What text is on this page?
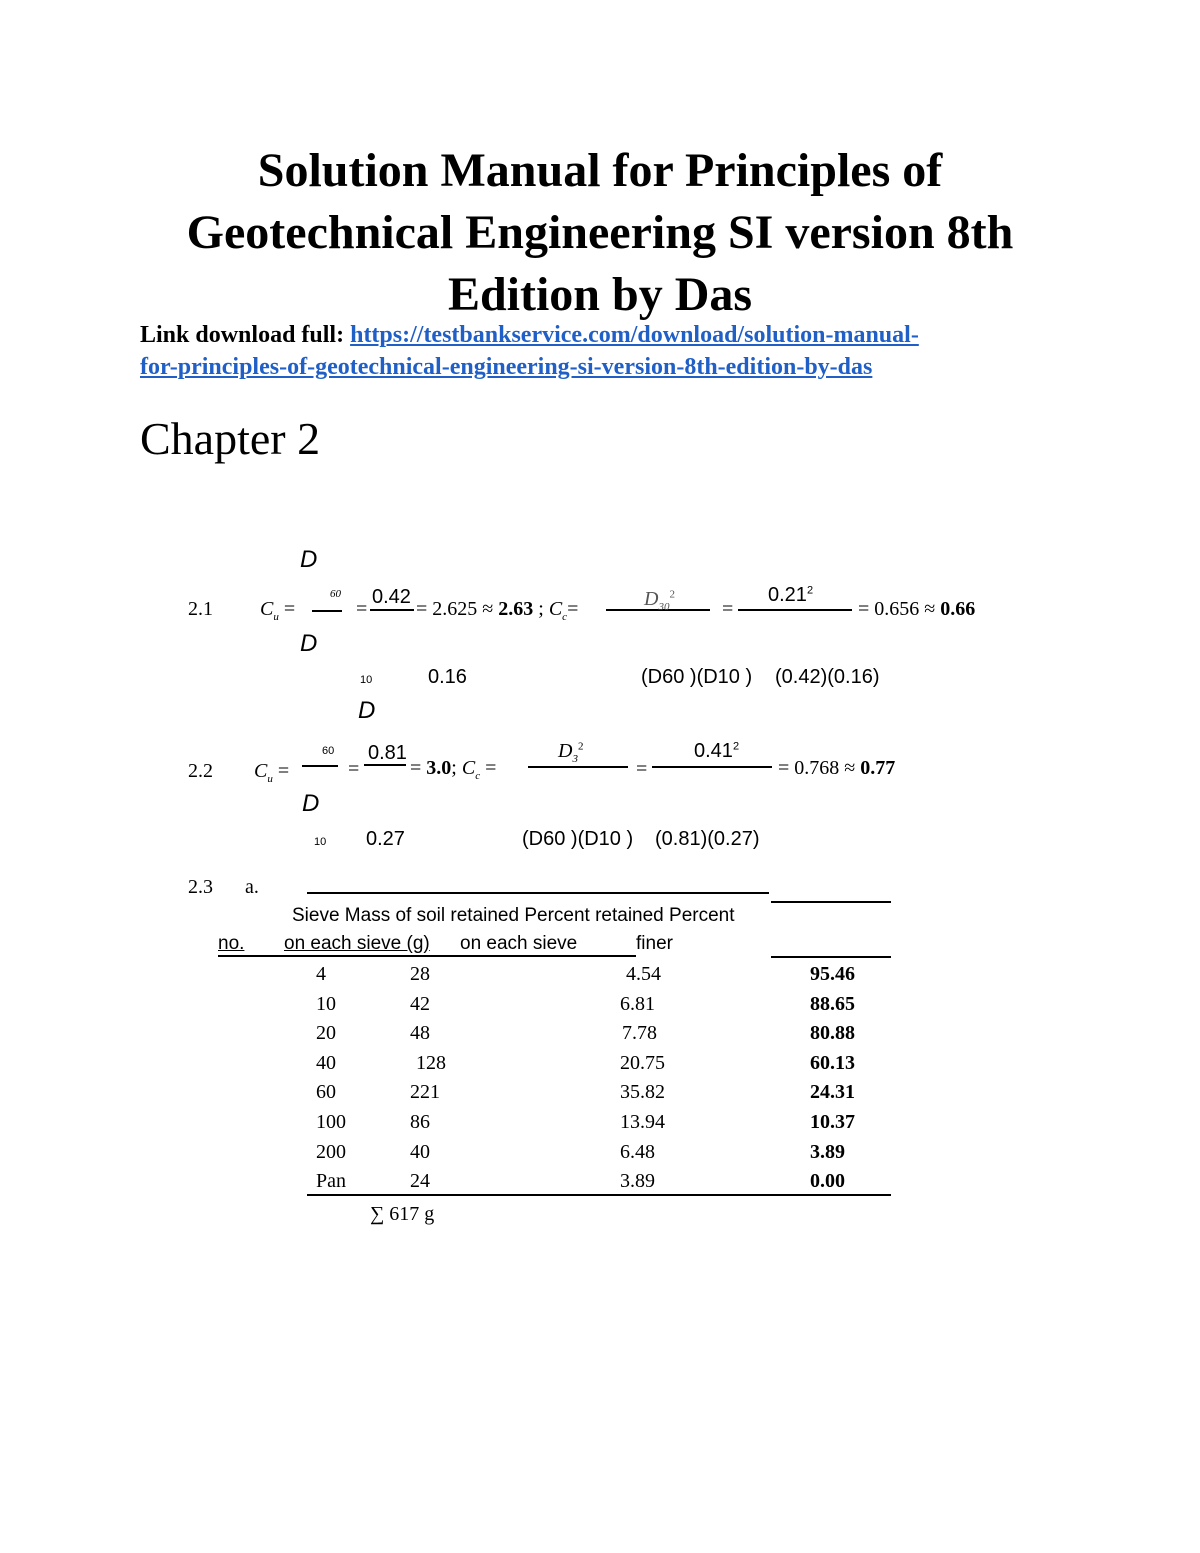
Solution Manual for Principles of
Geotechnical Engineering SI version 8th
Edition by Das
Link download full: https://testbankservice.com/download/solution-manual-
for-principles-of-geotechnical-engineering-si-version-8th-edition-by-das
Chapter 2
D
2.1 $C_u$ =
60
=
0.42
= 2.625 ≈ 2.63 ; $C_c=$	$D_{30}^2$
=
$0.21^2$
= 0.656 ≈ 0.66
D
10	0.16	(D60 )(D10 ) (0.42)(0.16)
D
2.2 $C_u$ =
60
=
0.81
= 3.0; $C_c$ =
$D_3^2$
=
$0.41^2$
= 0.768 ≈ 0.77
D
10 0.27	(D60 )(D10 ) (0.81)(0.27)
2.3 a.
Sieve Mass of soil retained Percent retained Percent
no. on each sieve (g) on each sieve	finer
4	28	4.54	95.46
10	42	6.81	88.65
20	48	7.78	80.88
40	128	20.75	60.13
60	221	35.82	24.31
100	86	13.94	10.37
200	40	6.48	3.89
Pan	24	3.89	0.00
∑ 617 g
